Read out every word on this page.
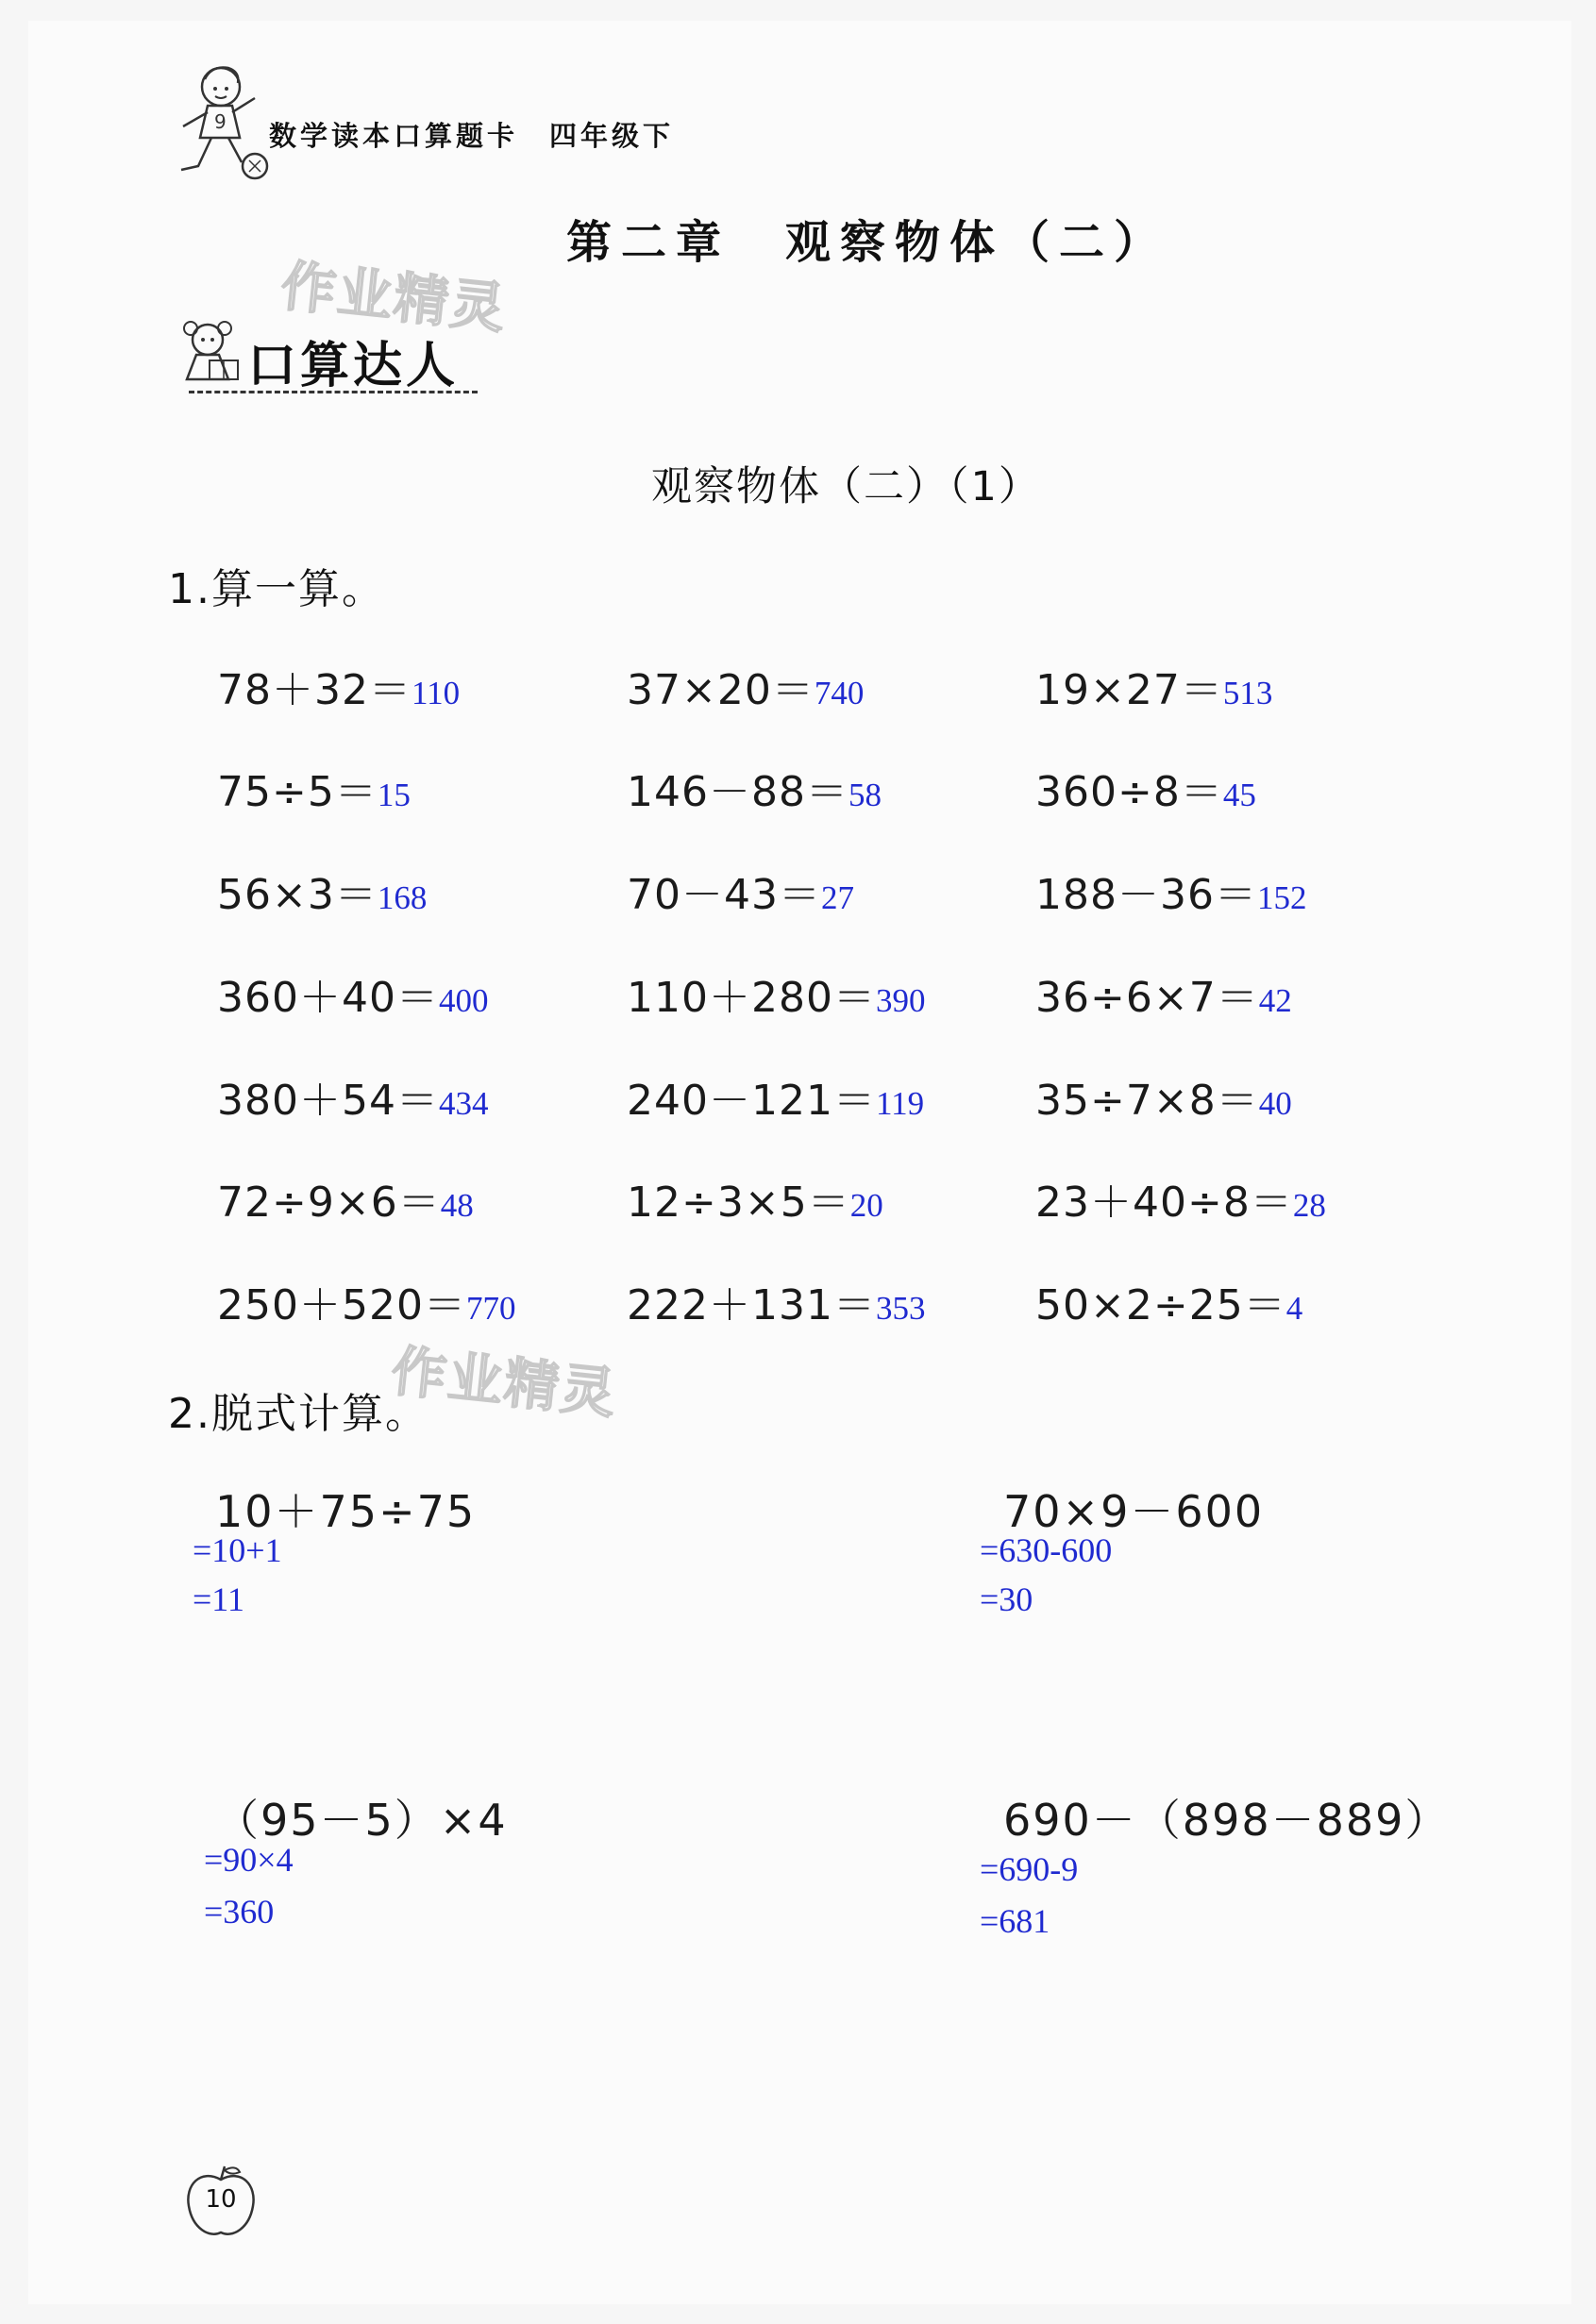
9 数学读本口算题卡　四年级下
第二章　观察物体（二）
作业精灵
口算达人
观察物体（二）（1）
1.算一算。
78＋32＝110	37×20＝740	19×27＝513
75÷5＝15	146－88＝58	360÷8＝45
56×3＝168	70－43＝27	188－36＝152
360＋40＝400	110＋280＝390	36÷6×7＝42
380＋54＝434	240－121＝119	35÷7×8＝40
72÷9×6＝48	12÷3×5＝20	23＋40÷8＝28
250＋520＝770	222＋131＝353	50×2÷25＝4
作业精灵
2.脱式计算。
10＋75÷75
=10+1
=11
70×9－600
=630-600
=30
（95－5）×4
=90×4
=360
690－（898－889）
=690-9
=681
10
